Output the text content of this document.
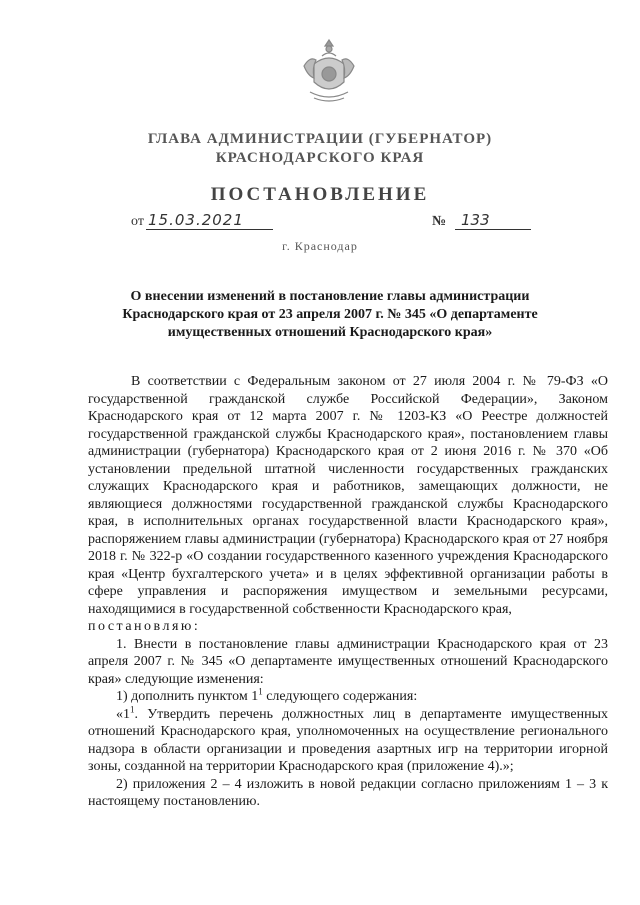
ГЛАВА АДМИНИСТРАЦИИ (ГУБЕРНАТОР)
КРАСНОДАРСКОГО КРАЯ
ПОСТАНОВЛЕНИЕ
от 15.03.2021	№ 133
г. Краснодар
О внесении изменений в постановление главы администрации Краснодарского края от 23 апреля 2007 г. № 345 «О департаменте имущественных отношений Краснодарского края»

В соответствии с Федеральным законом от 27 июля 2004 г. № 79-ФЗ «О государственной гражданской службе Российской Федерации», Законом Краснодарского края от 12 марта 2007 г. № 1203-КЗ «О Реестре должностей государственной гражданской службы Краснодарского края», постановлением главы администрации (губернатора) Краснодарского края от 2 июня 2016 г. № 370 «Об установлении предельной штатной численности государственных гражданских служащих Краснодарского края и работников, замещающих должности, не являющиеся должностями государственной гражданской службы Краснодарского края, в исполнительных органах государственной власти Краснодарского края», распоряжением главы администрации (губернатора) Краснодарского края от 27 ноября 2018 г. № 322-р «О создании государственного казенного учреждения Краснодарского края «Центр бухгалтерского учета» и в целях эффективной организации работы в сфере управления и распоряжения имуществом и земельными ресурсами, находящимися в государственной собственности Краснодарского края,

постановляю:

1. Внести в постановление главы администрации Краснодарского края от 23 апреля 2007 г. № 345 «О департаменте имущественных отношений Краснодарского края» следующие изменения:

1) дополнить пунктом $1^1$ следующего содержания:

«$1^1$. Утвердить перечень должностных лиц в департаменте имущественных отношений Краснодарского края, уполномоченных на осуществление регионального надзора в области организации и проведения азартных игр на территории игорной зоны, созданной на территории Краснодарского края (приложение 4).»;

2) приложения 2 – 4 изложить в новой редакции согласно приложениям 1 – 3 к настоящему постановлению.
